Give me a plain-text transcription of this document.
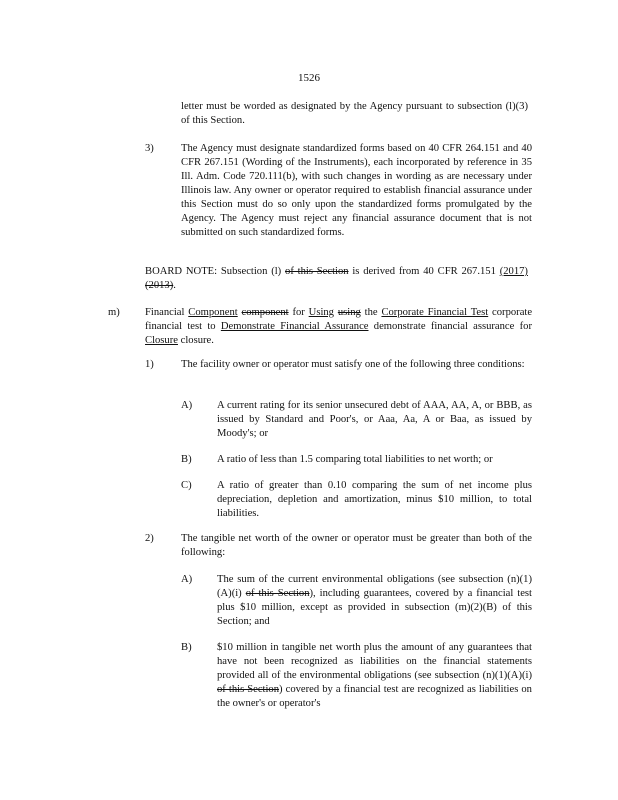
1526
letter must be worded as designated by the Agency pursuant to subsection (l)(3) of this Section.
3)	The Agency must designate standardized forms based on 40 CFR 264.151 and 40 CFR 267.151 (Wording of the Instruments), each incorporated by reference in 35 Ill. Adm. Code 720.111(b), with such changes in wording as are necessary under Illinois law. Any owner or operator required to establish financial assurance under this Section must do so only upon the standardized forms promulgated by the Agency. The Agency must reject any financial assurance document that is not submitted on such standardized forms.
BOARD NOTE: Subsection (l) of this Section is derived from 40 CFR 267.151 (2017) (2013).
m) Financial Component component for Using using the Corporate Financial Test corporate financial test to Demonstrate Financial Assurance demonstrate financial assurance for Closure closure.
1)	The facility owner or operator must satisfy one of the following three conditions:
A) A current rating for its senior unsecured debt of AAA, AA, A, or BBB, as issued by Standard and Poor's, or Aaa, Aa, A or Baa, as issued by Moody's; or
B) A ratio of less than 1.5 comparing total liabilities to net worth; or
C) A ratio of greater than 0.10 comparing the sum of net income plus depreciation, depletion and amortization, minus $10 million, to total liabilities.
2)	The tangible net worth of the owner or operator must be greater than both of the following:
A) The sum of the current environmental obligations (see subsection (n)(1)(A)(i) of this Section), including guarantees, covered by a financial test plus $10 million, except as provided in subsection (m)(2)(B) of this Section; and
B) $10 million in tangible net worth plus the amount of any guarantees that have not been recognized as liabilities on the financial statements provided all of the environmental obligations (see subsection (n)(1)(A)(i) of this Section) covered by a financial test are recognized as liabilities on the owner's or operator's
